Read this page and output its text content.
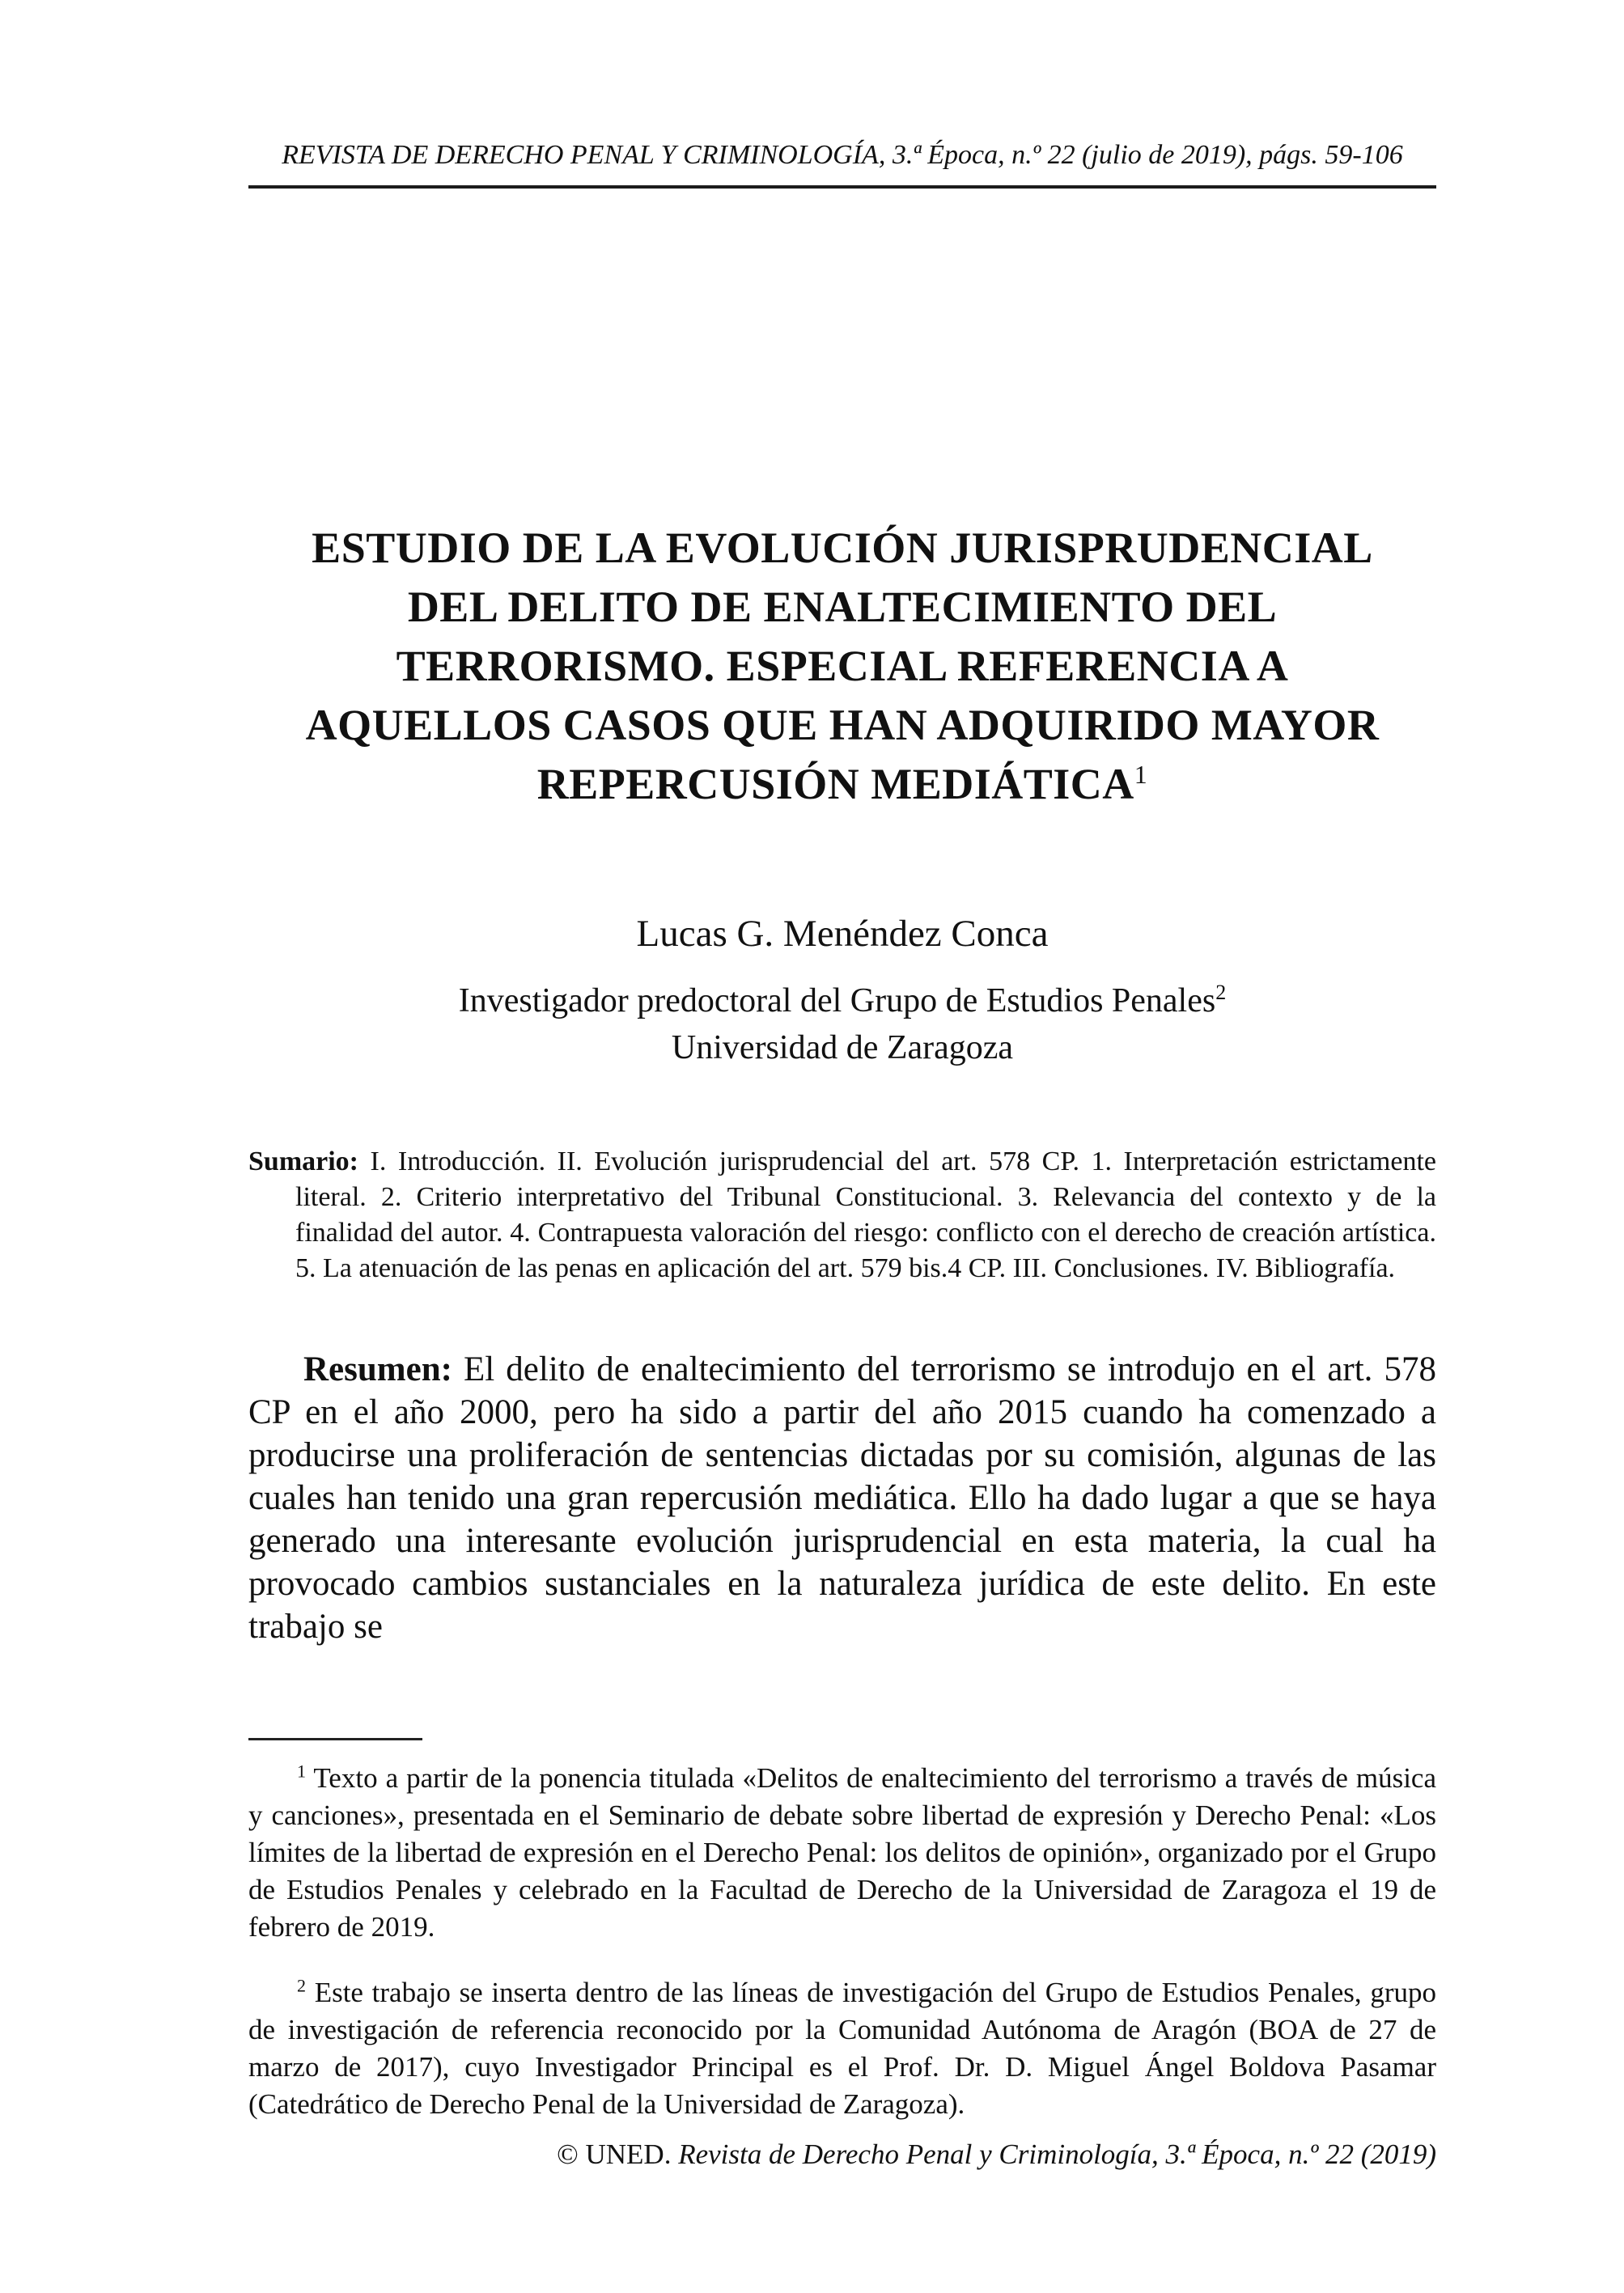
REVISTA DE DERECHO PENAL Y CRIMINOLOGÍA, 3.ª Época, n.º 22 (julio de 2019), págs. 59-106
ESTUDIO DE LA EVOLUCIÓN JURISPRUDENCIAL
DEL DELITO DE ENALTECIMIENTO DEL
TERRORISMO. ESPECIAL REFERENCIA A
AQUELLOS CASOS QUE HAN ADQUIRIDO MAYOR
REPERCUSIÓN MEDIÁTICA$^1$
Lucas G. Menéndez Conca
Investigador predoctoral del Grupo de Estudios Penales$^2$
Universidad de Zaragoza

Sumario: I. Introducción. II. Evolución jurisprudencial del art. 578 CP. 1. Interpretación estrictamente literal. 2. Criterio interpretativo del Tribunal Constitucional. 3. Relevancia del contexto y de la finalidad del autor. 4. Contrapuesta valoración del riesgo: conflicto con el derecho de creación artística. 5. La atenuación de las penas en aplicación del art. 579 bis.4 CP. III. Conclusiones. IV. Bibliografía.

Resumen: El delito de enaltecimiento del terrorismo se introdujo en el art. 578 CP en el año 2000, pero ha sido a partir del año 2015 cuando ha comenzado a producirse una proliferación de sentencias dictadas por su comisión, algunas de las cuales han tenido una gran repercusión mediática. Ello ha dado lugar a que se haya generado una interesante evolución jurisprudencial en esta materia, la cual ha provocado cambios sustanciales en la naturaleza jurídica de este delito. En este trabajo se

$^1$ Texto a partir de la ponencia titulada «Delitos de enaltecimiento del terrorismo a través de música y canciones», presentada en el Seminario de debate sobre libertad de expresión y Derecho Penal: «Los límites de la libertad de expresión en el Derecho Penal: los delitos de opinión», organizado por el Grupo de Estudios Penales y celebrado en la Facultad de Derecho de la Universidad de Zaragoza el 19 de febrero de 2019.

$^2$ Este trabajo se inserta dentro de las líneas de investigación del Grupo de Estudios Penales, grupo de investigación de referencia reconocido por la Comunidad Autónoma de Aragón (BOA de 27 de marzo de 2017), cuyo Investigador Principal es el Prof. Dr. D. Miguel Ángel Boldova Pasamar (Catedrático de Derecho Penal de la Universidad de Zaragoza).

© UNED. Revista de Derecho Penal y Criminología, 3.ª Época, n.º 22 (2019)
